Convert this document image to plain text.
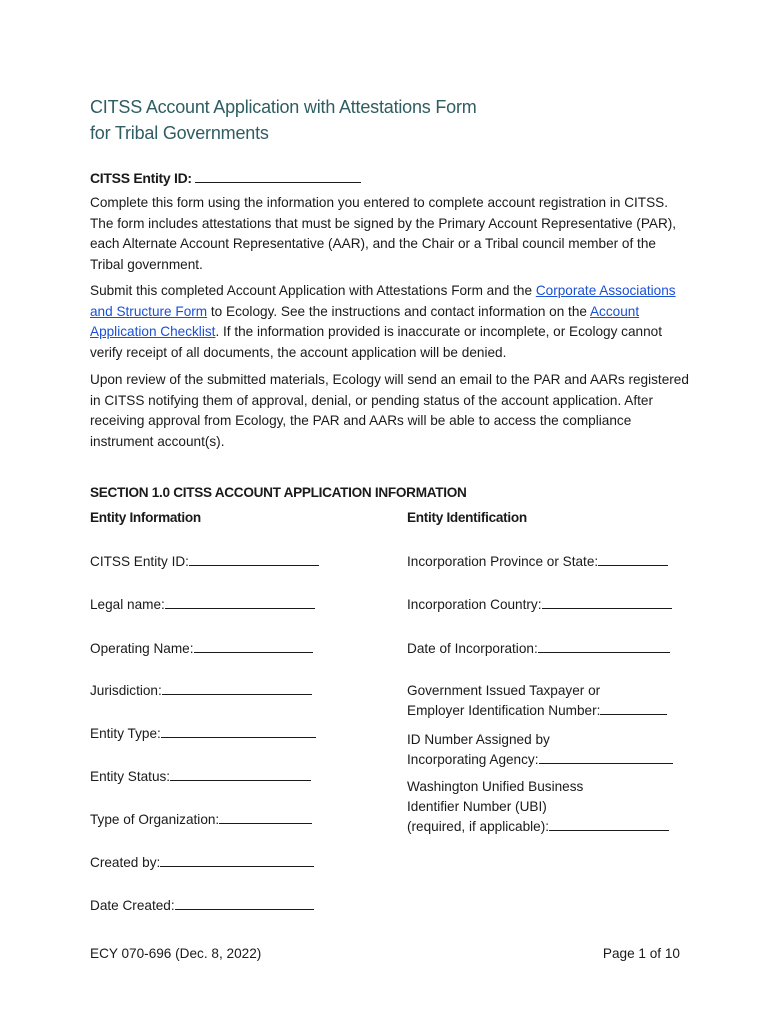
CITSS Account Application with Attestations Form
for Tribal Governments
CITSS Entity ID:

Complete this form using the information you entered to complete account registration in CITSS. The form includes attestations that must be signed by the Primary Account Representative (PAR), each Alternate Account Representative (AAR), and the Chair or a Tribal council member of the Tribal government.

Submit this completed Account Application with Attestations Form and the Corporate Associations and Structure Form to Ecology. See the instructions and contact information on the Account Application Checklist. If the information provided is inaccurate or incomplete, or Ecology cannot verify receipt of all documents, the account application will be denied.

Upon review of the submitted materials, Ecology will send an email to the PAR and AARs registered in CITSS notifying them of approval, denial, or pending status of the account application. After receiving approval from Ecology, the PAR and AARs will be able to access the compliance instrument account(s).

SECTION 1.0 CITSS ACCOUNT APPLICATION INFORMATION
Entity Information	Entity Identification
CITSS Entity ID:
Legal name:
Operating Name:
Jurisdiction:
Entity Type:
Entity Status:
Type of Organization:
Created by:
Date Created:
Incorporation Province or State:
Incorporation Country:
Date of Incorporation:
Government Issued Taxpayer or
Employer Identification Number:
ID Number Assigned by
Incorporating Agency:
Washington Unified Business
Identifier Number (UBI)
(required, if applicable):
ECY 070-696 (Dec. 8, 2022)	Page 1 of 10
